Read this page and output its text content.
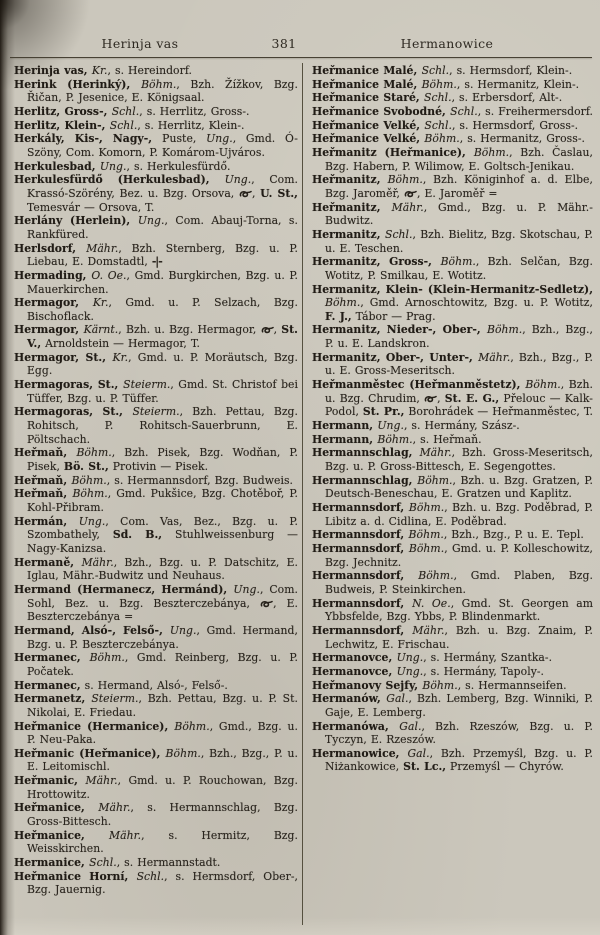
Herinja vas	381	Hermanowice

Herinja vas, Kr., s. Hereindorf.

Herink (Herinký), Böhm., Bzh. Žížkov, Bzg. Řičan, P. Jesenice, E. Königsaal.

Herlitz, Gross-, Schl., s. Herrlitz, Gross-.

Herlitz, Klein-, Schl., s. Herrlitz, Klein-.

Herkály, Kis-, Nagy-, Puste, Ung., Gmd. Ó-Szöny, Com. Komorn, P. Komárom-Ujváros.

Herkulesbad, Ung., s. Herkulesfürdő.

Herkulesfürdő (Herkulesbad), Ung., Com. Krassó-Szörény, Bez. u. Bzg. Orsova, , U. St., Temesvár — Orsova, T.

Herlány (Herlein), Ung., Com. Abauj-Torna, s. Rankfüred.

Herlsdorf, Mähr., Bzh. Sternberg, Bzg. u. P. Liebau, E. Domstadtl, -|-

Hermading, O. Oe., Gmd. Burgkirchen, Bzg. u. P. Mauerkirchen.

Hermagor, Kr., Gmd. u. P. Selzach, Bzg. Bischoflack.

Hermagor, Kärnt., Bzh. u. Bzg. Hermagor, , St. V., Arnoldstein — Hermagor, T.

Hermagor, St., Kr., Gmd. u. P. Moräutsch, Bzg. Egg.

Hermagoras, St., Steierm., Gmd. St. Christof bei Tüffer, Bzg. u. P. Tüffer.

Hermagoras, St., Steierm., Bzh. Pettau, Bzg. Rohitsch, P. Rohitsch-Sauerbrunn, E. Pöltschach.

Heřmaň, Böhm., Bzh. Pisek, Bzg. Wodňan, P. Pisek, Bö. St., Protivin — Pisek.

Heřmaň, Böhm., s. Hermannsdorf, Bzg. Budweis.

Heřmaň, Böhm., Gmd. Pukšice, Bzg. Chotěboř, P. Kohl-Přibram.

Hermán, Ung., Com. Vas, Bez., Bzg. u. P. Szombathely, Sd. B., Stuhlweissenburg — Nagy-Kanizsa.

Hermaně, Mähr., Bzh., Bzg. u. P. Datschitz, E. Iglau, Mähr.-Budwitz und Neuhaus.

Hermand (Hermanecz, Hermánd), Ung., Com. Sohl, Bez. u. Bzg. Beszterczebánya, , E. Beszterczebánya =

Hermand, Alsó-, Felső-, Ung., Gmd. Hermand, Bzg. u. P. Beszterczebánya.

Hermanec, Böhm., Gmd. Reinberg, Bzg. u. P. Počatek.

Hermanec, s. Hermand, Alsó-, Felső-.

Hermanetz, Steierm., Bzh. Pettau, Bzg. u. P. St. Nikolai, E. Friedau.

Heřmanice (Hermanice), Böhm., Gmd., Bzg. u. P. Neu-Paka.

Heřmanic (Heřmanice), Böhm., Bzh., Bzg., P. u. E. Leitomischl.

Heřmanic, Mähr., Gmd. u. P. Rouchowan, Bzg. Hrottowitz.

Heřmanice, Mähr., s. Hermannschlag, Bzg. Gross-Bittesch.

Heřmanice, Mähr., s. Hermitz, Bzg. Weisskirchen.

Hermanice, Schl., s. Hermannstadt.

Heřmanice Horní, Schl., s. Hermsdorf, Ober-, Bzg. Jauernig.

Heřmanice Malé, Schl., s. Hermsdorf, Klein-.

Heřmanice Malé, Böhm., s. Hermanitz, Klein-.

Heřmanice Staré, Schl., s. Erbersdorf, Alt-.

Heřmanice Svobodné, Schl., s. Freihermersdorf.

Heřmanice Velké, Schl., s. Hermsdorf, Gross-.

Heřmanice Velké, Böhm., s. Hermanitz, Gross-.

Heřmanitz (Heřmanice), Böhm., Bzh. Časlau, Bzg. Habern, P. Wilimow, E. Goltsch-Jenikau.

Heřmanitz, Böhm., Bzh. Königinhof a. d. Elbe, Bzg. Jaroměř, , E. Jaroměř =

Heřmanitz, Mähr., Gmd., Bzg. u. P. Mähr.-Budwitz.

Hermanitz, Schl., Bzh. Bielitz, Bzg. Skotschau, P. u. E. Teschen.

Hermanitz, Gross-, Böhm., Bzh. Selčan, Bzg. Wotitz, P. Smilkau, E. Wotitz.

Hermanitz, Klein- (Klein-Hermanitz-Sedletz), Böhm., Gmd. Arnoschtowitz, Bzg. u. P. Wotitz, F. J., Tábor — Prag.

Hermanitz, Nieder-, Ober-, Böhm., Bzh., Bzg., P. u. E. Landskron.

Hermanitz, Ober-, Unter-, Mähr., Bzh., Bzg., P. u. E. Gross-Meseritsch.

Heřmanměstec (Heřmanměstetz), Böhm., Bzh. u. Bzg. Chrudim, , St. E. G., Přelouc — Kalk-Podol, St. Pr., Borohrádek — Heřmanměstec, T.

Hermann, Ung., s. Hermány, Szász-.

Hermann, Böhm., s. Heřmaň.

Hermannschlag, Mähr., Bzh. Gross-Meseritsch, Bzg. u. P. Gross-Bittesch, E. Segengottes.

Hermannschlag, Böhm., Bzh. u. Bzg. Gratzen, P. Deutsch-Beneschau, E. Gratzen und Kaplitz.

Hermannsdorf, Böhm., Bzh. u. Bzg. Poděbrad, P. Libitz a. d. Cidlina, E. Poděbrad.

Hermannsdorf, Böhm., Bzh., Bzg., P. u. E. Tepl.

Hermannsdorf, Böhm., Gmd. u. P. Kolleschowitz, Bzg. Jechnitz.

Hermannsdorf, Böhm., Gmd. Plaben, Bzg. Budweis, P. Steinkirchen.

Hermannsdorf, N. Oe., Gmd. St. Georgen am Ybbsfelde, Bzg. Ybbs, P. Blindenmarkt.

Hermannsdorf, Mähr., Bzh. u. Bzg. Znaim, P. Lechwitz, E. Frischau.

Hermanovce, Ung., s. Hermány, Szantka-.

Hermanovce, Ung., s. Hermány, Tapoly-.

Heřmanovy Sejfy, Böhm., s. Hermannseifen.

Hermanów, Gal., Bzh. Lemberg, Bzg. Winniki, P. Gaje, E. Lemberg.

Hermanówa, Gal., Bzh. Rzeszów, Bzg. u. P. Tyczyn, E. Rzeszów.

Hermanowice, Gal., Bzh. Przemyśl, Bzg. u. P. Niżankowice, St. Lc., Przemyśl — Chyrów.
